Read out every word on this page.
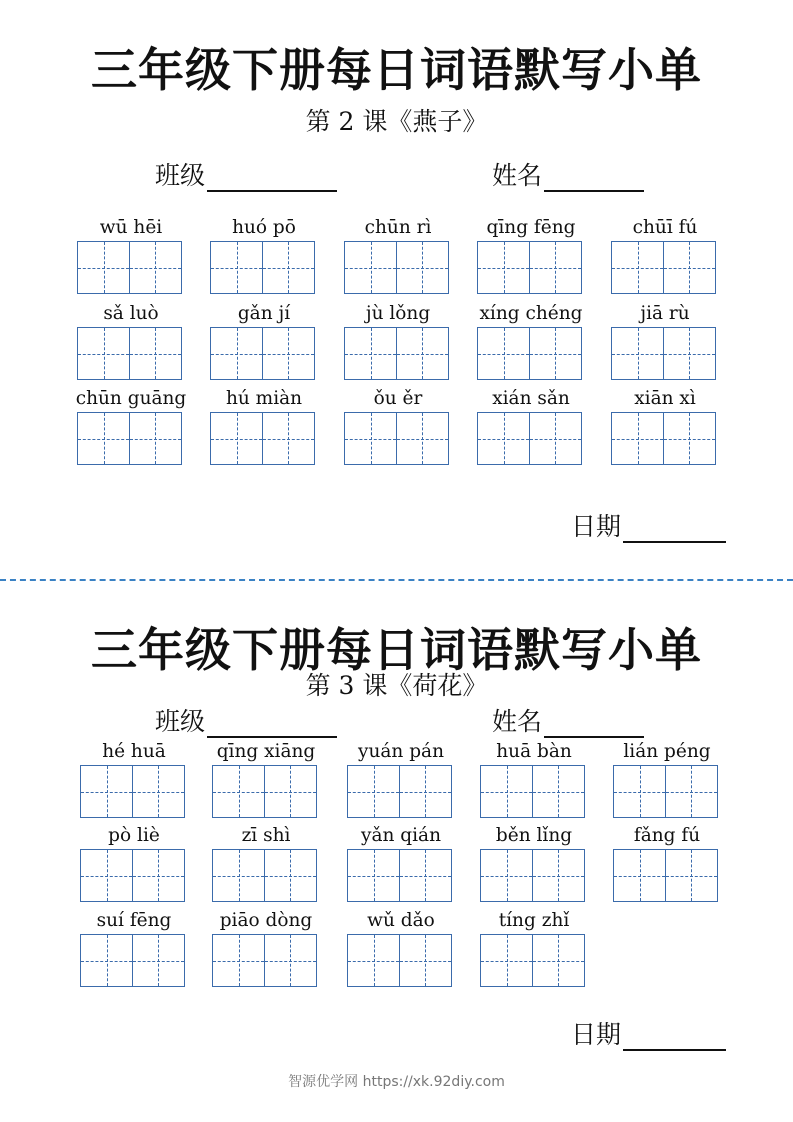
三年级下册每日词语默写小单
第 2 课《燕子》
班级	姓名
wū hēi	huó pō	chūn rì	qīng fēng	chūī fú
sǎ luò	gǎn jí	jù lǒng	xíng chéng	jiā rù
chūn guāng	hú miàn	ǒu ěr	xián sǎn	xiān xì
日期
三年级下册每日词语默写小单
第 3 课《荷花》
班级	姓名
hé huā	qīng xiāng	yuán pán	huā bàn	lián péng
pò liè	zī shì	yǎn qián	běn lǐng	fǎng fú
suí fēng	piāo dòng	wǔ dǎo	tíng zhǐ
日期
智源优学网 https://xk.92diy.com
